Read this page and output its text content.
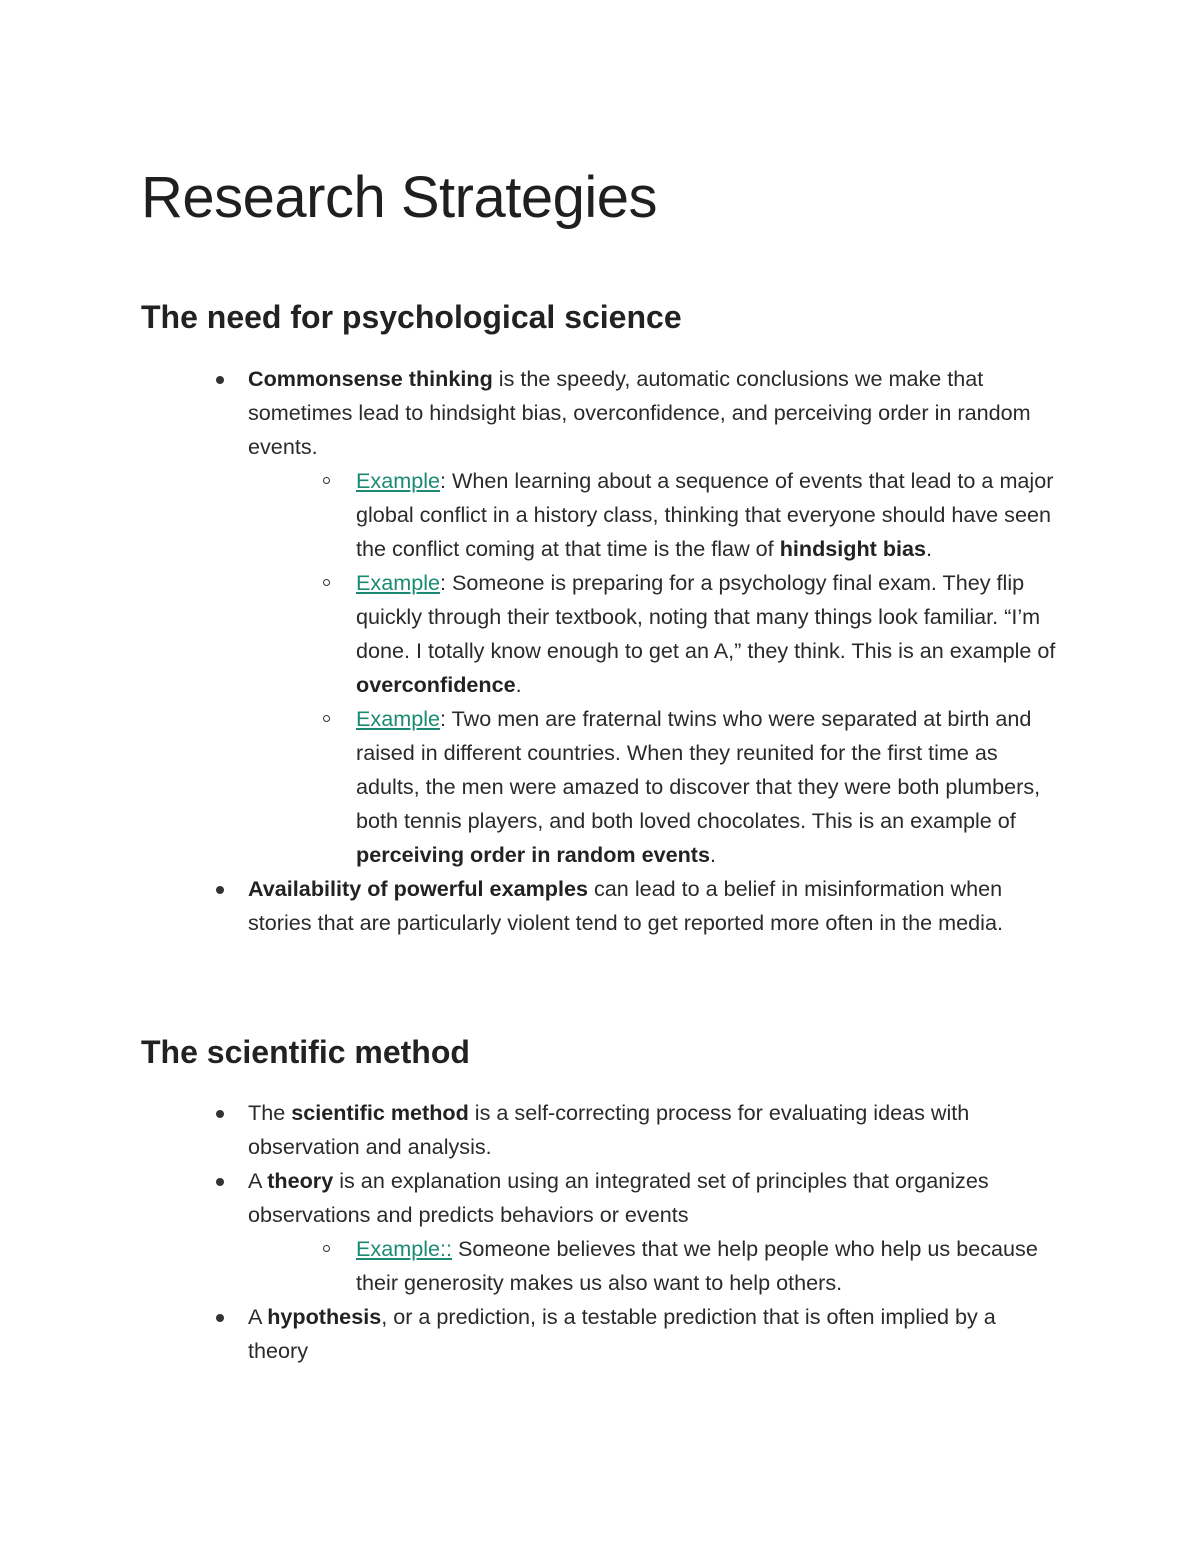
Research Strategies
The need for psychological science
Commonsense thinking is the speedy, automatic conclusions we make that sometimes lead to hindsight bias, overconfidence, and perceiving order in random events.
Example: When learning about a sequence of events that lead to a major global conflict in a history class, thinking that everyone should have seen the conflict coming at that time is the flaw of hindsight bias.
Example: Someone is preparing for a psychology final exam. They flip quickly through their textbook, noting that many things look familiar. “I’m done. I totally know enough to get an A,” they think. This is an example of overconfidence.
Example: Two men are fraternal twins who were separated at birth and raised in different countries. When they reunited for the first time as adults, the men were amazed to discover that they were both plumbers, both tennis players, and both loved chocolates. This is an example of perceiving order in random events.
Availability of powerful examples can lead to a belief in misinformation when stories that are particularly violent tend to get reported more often in the media.
The scientific method
The scientific method is a self-correcting process for evaluating ideas with observation and analysis.
A theory is an explanation using an integrated set of principles that organizes observations and predicts behaviors or events
Example:: Someone believes that we help people who help us because their generosity makes us also want to help others.
A hypothesis, or a prediction, is a testable prediction that is often implied by a theory
